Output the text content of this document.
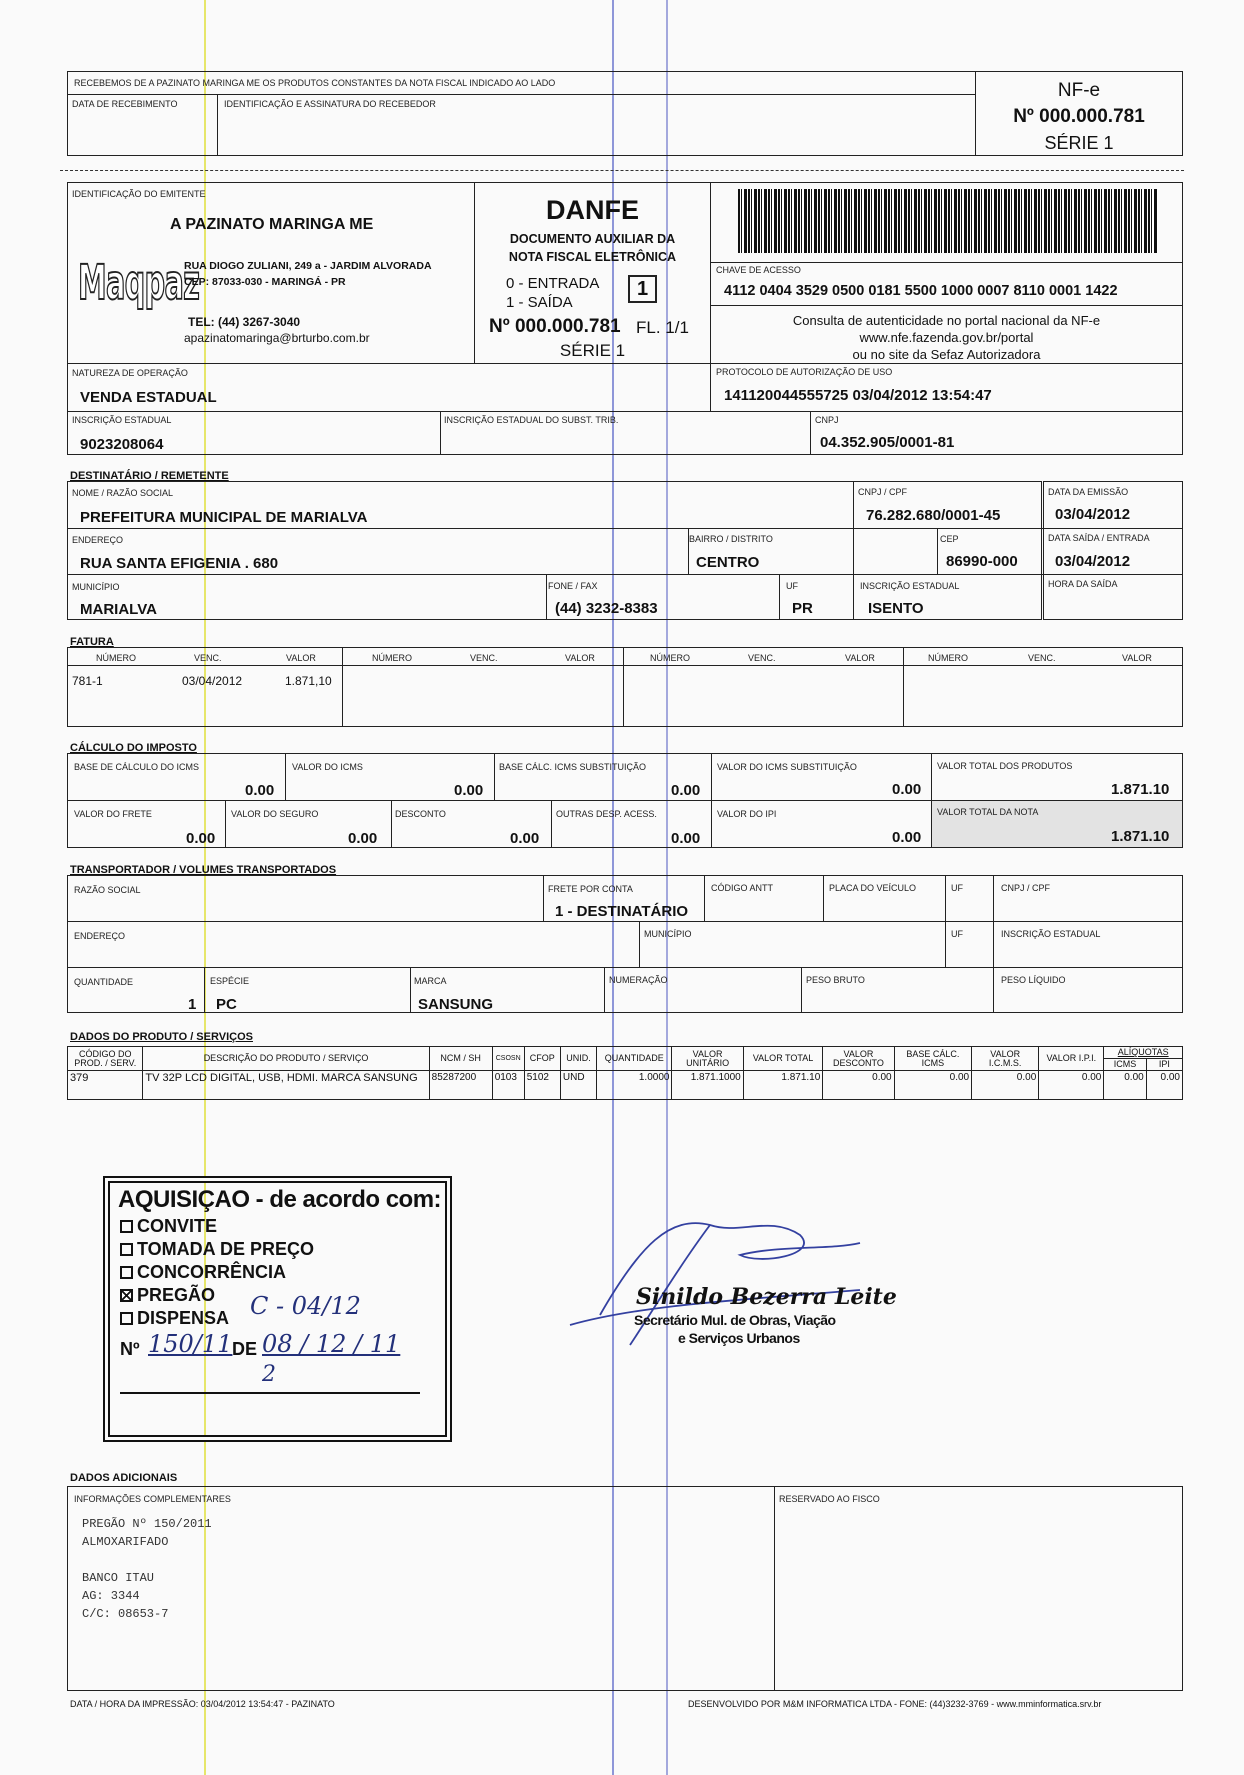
RECEBEMOS DE A PAZINATO MARINGA ME OS PRODUTOS CONSTANTES DA NOTA FISCAL INDICADO AO LADO
DATA DE RECEBIMENTO	IDENTIFICAÇÃO E ASSINATURA DO RECEBEDOR
NF-e
Nº 000.000.781
SÉRIE 1
IDENTIFICAÇÃO DO EMITENTE
A PAZINATO MARINGA ME
Maqpaz
RUA DIOGO ZULIANI, 249 a - JARDIM ALVORADA
CEP: 87033-030 - MARINGÁ - PR
TEL: (44) 3267-3040
apazinatomaringa@brturbo.com.br
DANFE
DOCUMENTO AUXILIAR DA
NOTA FISCAL ELETRÔNICA
0 - ENTRADA
1 - SAÍDA
1
Nº 000.000.781 FL. 1/1
SÉRIE 1
CHAVE DE ACESSO
4112 0404 3529 0500 0181 5500 1000 0007 8110 0001 1422
Consulta de autenticidade no portal nacional da NF-e
www.nfe.fazenda.gov.br/portal
ou no site da Sefaz Autorizadora
NATUREZA DE OPERAÇÃO
VENDA ESTADUAL
PROTOCOLO DE AUTORIZAÇÃO DE USO
141120044555725 03/04/2012 13:54:47
INSCRIÇÃO ESTADUAL
9023208064
INSCRIÇÃO ESTADUAL DO SUBST. TRIB.	CNPJ
04.352.905/0001-81
DESTINATÁRIO / REMETENTE
NOME / RAZÃO SOCIAL
PREFEITURA MUNICIPAL DE MARIALVA
CNPJ / CPF
76.282.680/0001-45
DATA DA EMISSÃO
03/04/2012
ENDEREÇO
RUA SANTA EFIGENIA . 680
BAIRRO / DISTRITO
CENTRO
CEP
86990-000
DATA SAÍDA / ENTRADA
03/04/2012
MUNICÍPIO
MARIALVA
FONE / FAX
(44) 3232-8383
UF
PR
INSCRIÇÃO ESTADUAL
ISENTO
HORA DA SAÍDA
FATURA
NÚMERO	VENC.	VALOR	NÚMERO	VENC.	VALOR	NÚMERO	VENC.	VALOR	NÚMERO	VENC.	VALOR
781-1	03/04/2012	1.871,10
CÁLCULO DO IMPOSTO
BASE DE CÁLCULO DO ICMS
0.00
VALOR DO ICMS
0.00
BASE CÁLC. ICMS SUBSTITUIÇÃO
0.00
VALOR DO ICMS SUBSTITUIÇÃO
0.00
VALOR TOTAL DOS PRODUTOS
1.871.10
VALOR DO FRETE
0.00
VALOR DO SEGURO
0.00
DESCONTO
0.00
OUTRAS DESP. ACESS.
0.00
VALOR DO IPI
0.00
VALOR TOTAL DA NOTA
1.871.10
TRANSPORTADOR / VOLUMES TRANSPORTADOS
RAZÃO SOCIAL	FRETE POR CONTA
1 - DESTINATÁRIO
CÓDIGO ANTT	PLACA DO VEÍCULO	UF	CNPJ / CPF
ENDEREÇO	MUNICÍPIO	UF	INSCRIÇÃO ESTADUAL
QUANTIDADE
1
ESPÉCIE
PC
MARCA
SANSUNG
NUMERAÇÃO	PESO BRUTO	PESO LÍQUIDO
DADOS DO PRODUTO / SERVIÇOS
CÓDIGO DO PROD. / SERV.	DESCRIÇÃO DO PRODUTO / SERVIÇO	NCM / SH	CSOSN	CFOP	UNID.	QUANTIDADE	VALOR UNITÁRIO	VALOR TOTAL	VALOR DESCONTO	BASE CÁLC. ICMS	VALOR I.C.M.S.	VALOR I.P.I.	ALÍQUOTAS	
													ICMS	IPI
379	TV 32P LCD DIGITAL, USB, HDMI. MARCA SANSUNG	85287200	0103	5102	UND	1.0000	1.871.1000	1.871.10	0.00	0.00	0.00	0.00	0.00	0.00
AQUISIÇAO - de acordo com:
CONVITE
TOMADA DE PREÇO
CONCORRÊNCIA
PREGÃO
DISPENSA C - 04/12
Nº 150/11 DE 08 / 12 / 11
2
Sinildo Bezerra Leite
Secretário Mul. de Obras, Viação
e Serviços Urbanos
DADOS ADICIONAIS
INFORMAÇÕES COMPLEMENTARES	RESERVADO AO FISCO
PREGÃO Nº 150/2011
ALMOXARIFADO
BANCO ITAU
AG: 3344
C/C: 08653-7
DATA / HORA DA IMPRESSÃO: 03/04/2012 13:54:47 - PAZINATO	DESENVOLVIDO POR M&M INFORMATICA LTDA - FONE: (44)3232-3769 - www.mminformatica.srv.br
